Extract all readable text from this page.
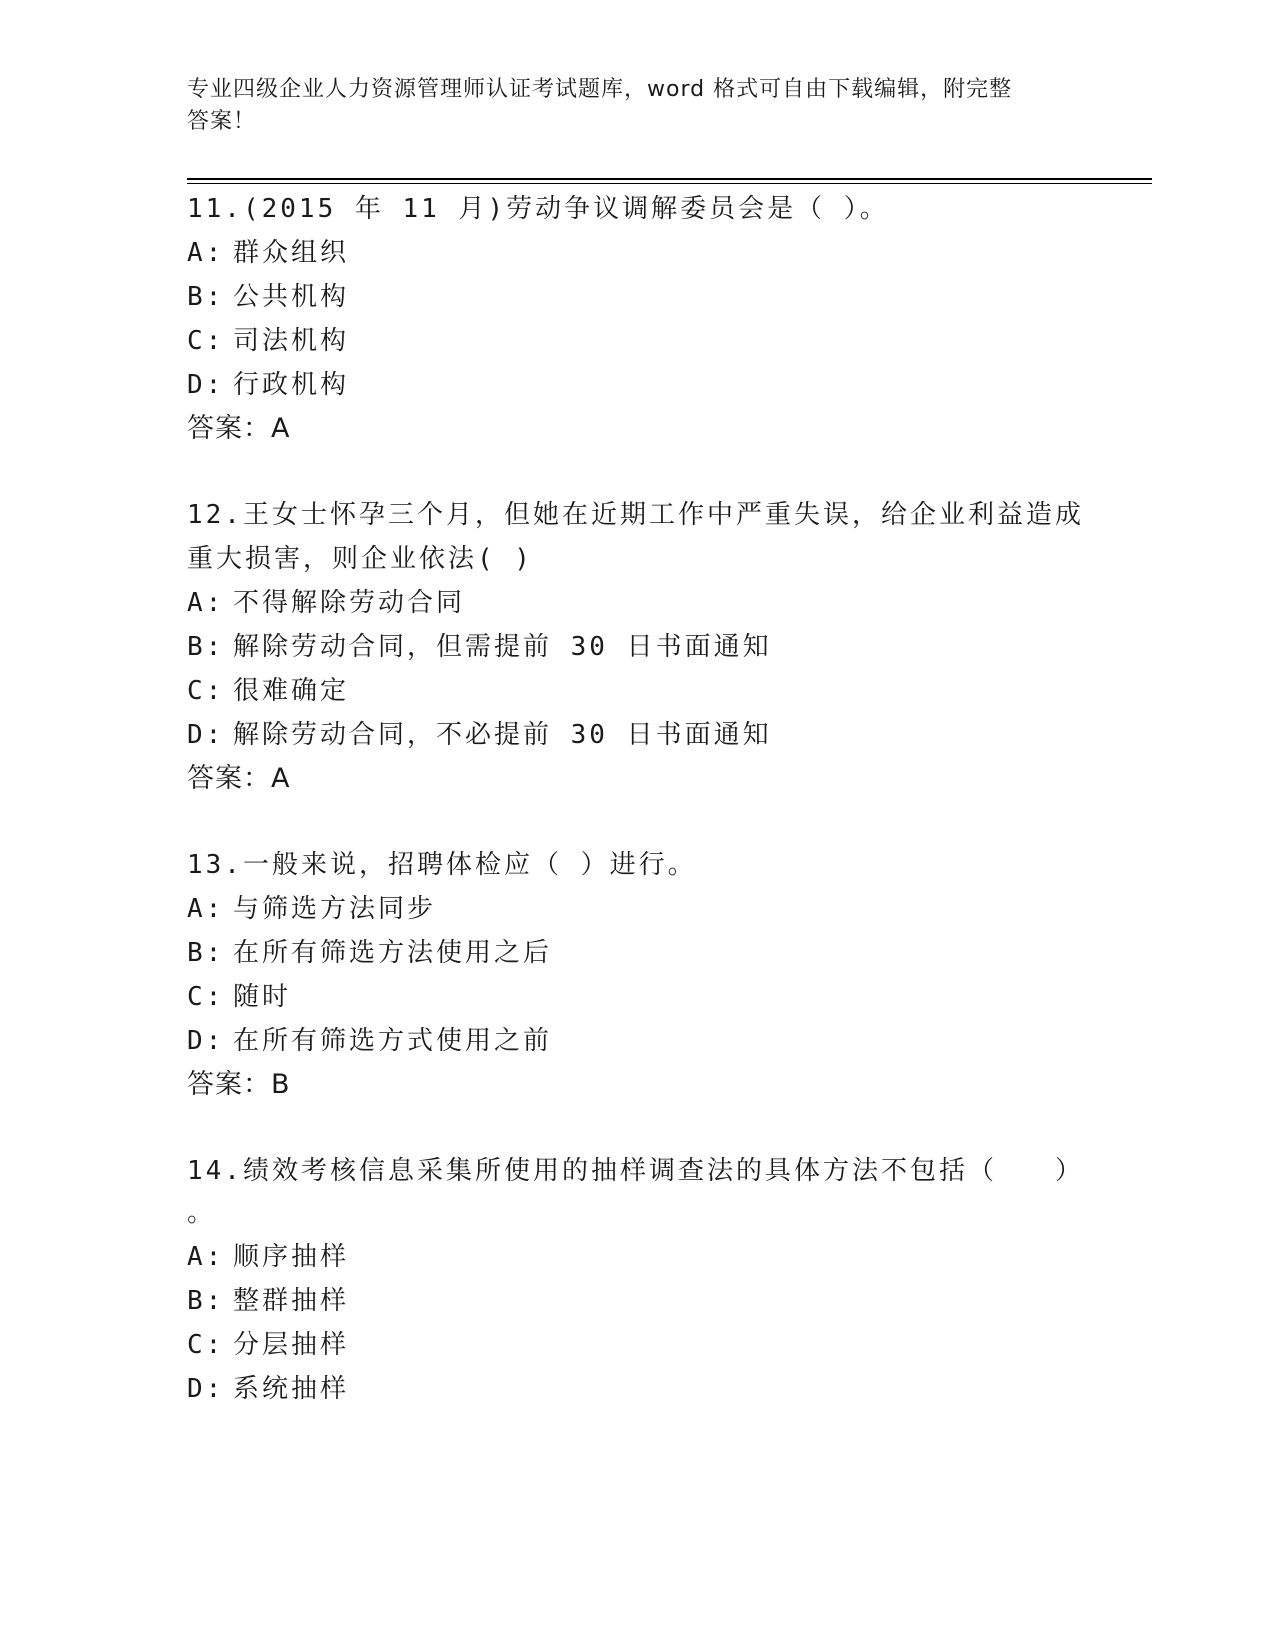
专业四级企业人力资源管理师认证考试题库，word 格式可自由下载编辑，附完整
答案！
11.(2015 年 11 月)劳动争议调解委员会是（ ）。
A: 群众组织
B: 公共机构
C: 司法机构
D: 行政机构
答案：A
12.王女士怀孕三个月，但她在近期工作中严重失误，给企业利益造成
重大损害，则企业依法( )
A: 不得解除劳动合同
B: 解除劳动合同，但需提前 30 日书面通知
C: 很难确定
D: 解除劳动合同，不必提前 30 日书面通知
答案：A
13.一般来说，招聘体检应（ ）进行。
A: 与筛选方法同步
B: 在所有筛选方法使用之后
C: 随时
D: 在所有筛选方式使用之前
答案：B
14.绩效考核信息采集所使用的抽样调查法的具体方法不包括（　　）
。
A: 顺序抽样
B: 整群抽样
C: 分层抽样
D: 系统抽样
